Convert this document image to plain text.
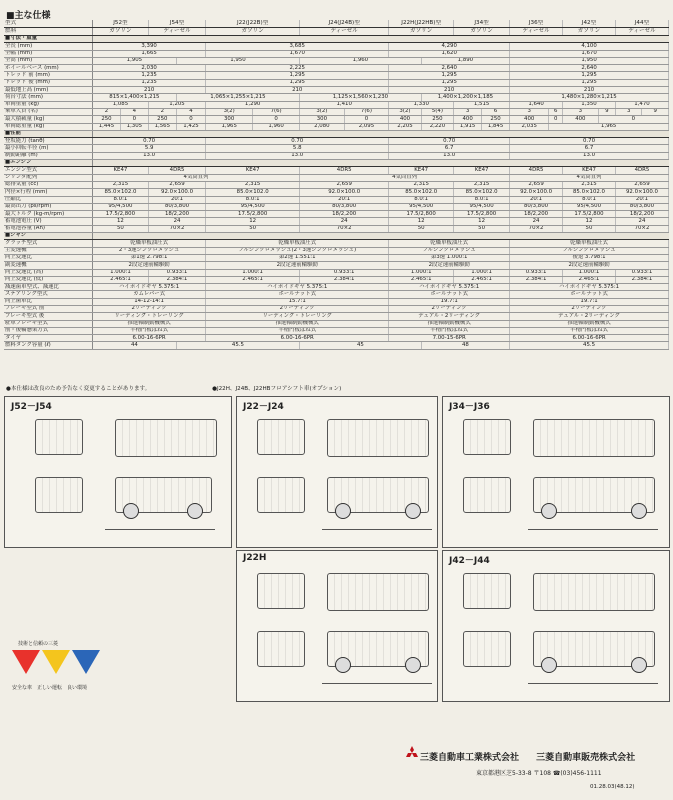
■主な仕様
型式	J52型		J54型		J22(J22B)型		J24(J24B)型		J22H(J22HB)型		J34型		J36型		J42型		J44型	
燃料	ガソリン		ディーゼル		ガソリン		ディーゼル		ガソリン		ガソリン		ディーゼル		ガソリン		ディーゼル	
■寸法・重量																		
全長 (mm)	3,390				3,685				4,290				4,100					
全幅 (mm)	1,665				1,670				1,620				1,670					
全高 (mm)	1,905			1,950			1,960			1,890			1,950					
ホイールベース (mm)	2,030				2,225				2,640				2,640					
トレッド 前 (mm)	1,235				1,295				1,295				1,295					
トレッド 後 (mm)	1,235				1,295				1,295				1,295					
最低地上高 (mm)	210				210				210				210					
荷台寸法 (mm)	815×1,400×1,215			1,065×1,255×1,215			1,125×1,560×1,230			1,400×1,200×1,185			1,480×1,280×1,215					
車両重量 (kg)	1,085		1,205		1,290		1,410		1,330		1,515		1,640		1,350		1,470	
乗車人員 (名)	2	4	2	4	3(2)	7(6)	3(2)	7(6)	3(2)	5(4)	3	6	3	6	3	9	3	9
最大積載量 (kg)	250	0	250	0	300	0	300	0	400	250	400	250	400	0	400	0		
車両総重量 (kg)	1,445	1,305	1,565	1,425	1,965	1,960	2,080	2,095	2,205	2,220	1,915	1,845	2,035	1,965				
■性能																		
登坂能力 (tanθ)	0.70				0.70				0.70				0.70					
最小回転半径 (m)	5.9				5.8				6.7				6.7					
制動距離 (m)	13.0				13.0				13.0				13.0					
■エンジン																		
エンジン型式	KE47		4DR5		KE47		4DR5		KE47		KE47		4DR5		KE47		4DR5	
シリンダ配列	4気筒直列						4気筒直列						4気筒直列					
総排気量 (cc)	2,315		2,659		2,315		2,659		2,315		2,315		2,659		2,315		2,659	
内径×行程 (mm)	85.0×102.0		92.0×100.0		85.0×102.0		92.0×100.0		85.0×102.0		85.0×102.0		92.0×100.0		85.0×102.0		92.0×100.0	
圧縮比	8.0:1		20:1		8.0:1		20:1		8.0:1		8.0:1		20:1		8.0:1		20:1	
最高出力 (ps/rpm)	95/4,500		80/3,800		95/4,500		80/3,800		95/4,500		95/4,500		80/3,800		95/4,500		80/3,800	
最大トルク (kg-m/rpm)	17.5/2,800		18/2,200		17.5/2,800		18/2,200		17.5/2,800		17.5/2,800		18/2,200		17.5/2,800		18/2,200	
蓄電池電圧 (V)	12		24		12		24		12		12		24		12		24	
蓄電池容量 (Ah)	50		70×2		50		70×2		50		50		70×2		50		70×2	
■シャシ																		
クラッチ型式	乾燥単板油圧式				乾燥単板油圧式				乾燥単板油圧式				乾燥単板油圧式					
主変速機	2・3速シンクロメッシュ				フルシンクロメッシュ(2・3速シンクロメッシュ)				フルシンクロメッシュ				フルシンクロメッシュ					
同上変速比	第1速 2.798:1				第2速 1.551:1				第3速 1.000:1				後退 3.798:1					
副変速機	2段定速前輪駆動				2段定速前輪駆動				2段定速前輪駆動				2段定速前輪駆動					
同上変速比 (高)	1.000:1		0.933:1		1.000:1		0.933:1		1.000:1		1.000:1		0.933:1		1.000:1		0.933:1	
同上変速比 (低)	2.465:1		2.384:1		2.465:1		2.384:1		2.465:1		2.465:1		2.384:1		2.465:1		2.384:1	
減速歯車型式、減速比	ハイポイドギヤ 5.375:1				ハイポイドギヤ 5.375:1				ハイポイドギヤ 5.375:1				ハイポイドギヤ 5.375:1					
ステアリング型式	カムレバー式				ボールナット式				ボールナット式				ボールナット式					
同上歯車比	14-12-14:1				15.7:1				19.7:1				19.7:1					
ブレーキ型式 前	2リーディング				2リーディング				2リーディング				2リーディング					
ブレーキ型式 後	リーディング・トレーリング				リーディング・トレーリング				デュアル・2リーディング				デュアル・2リーディング					
駐車ブレーキ型式	推進軸制動機械式				推進軸制動機械式				推進軸制動機械式				推進軸制動機械式					
前・後輪懸架方式	半楕円板ばね式				半楕円板ばね式				半楕円板ばね式				半楕円板ばね式					
タイヤ	6.00-16-6PR				6.00-16-6PR				7.00-15-6PR				6.00-16-6PR					
燃料タンク容量 (ℓ)	44			45.5			45			48			45.5					
●本仕様は改良のため予告なく変更することがあります。	●J22H、J24B、J22HBフロアシフト車(オプション)
J52－J54	J22－J24	J34－J36
J22H	J42－J44
技術と信頼の三菱
安全な車　正しい運転　良い環境
三菱自動車工業株式会社 三菱自動車販売株式会社
東京都港区芝5-33-8 〒108 ☎(03)456-1111
01.28.03(48.12)
